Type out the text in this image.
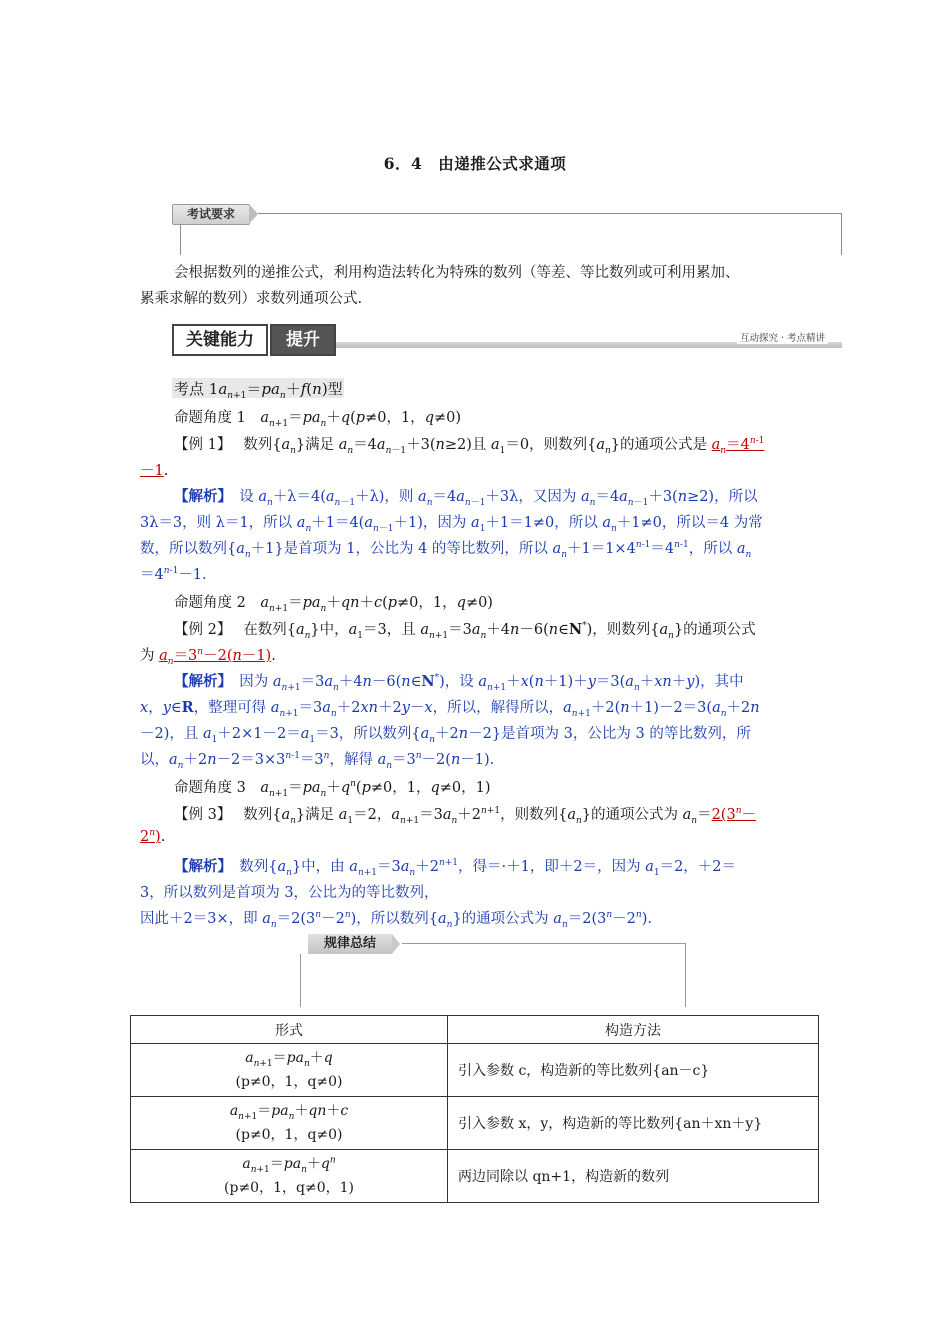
6．4　由递推公式求通项
考试要求
会根据数列的递推公式，利用构造法转化为特殊的数列（等差、等比数列或可利用累加、
累乘求解的数列）求数列通项公式.
关键能力	提升	互动探究 · 考点精讲
考点 $1a_{n+1}=pa_n+f(n)$型
命题角度 1　 $a_{n+1}=pa_n+q(p\ne 0$，1，q≠0)
【例 1】　 数列$\{a_n\}$满足 $a_n=4a_{n-1}+3(n\ge 2)$且 $a_1=0$，则数列$\{a_n\}$的通项公式是 $a_n=4^{n-1}$
－1.
【解析】　设 $a_n+\lambda=4(a_{n-1}+\lambda)$，则 $a_n=4a_{n-1}+3\lambda$，又因为 $a_n=4a_{n-1}+3(n\ge 2)$，所以
3λ＝3，则 λ＝1，所以 $a_n+1=4(a_{n-1}+1)$，因为 $a_1+1=1\ne 0$，所以 $a_n+1\ne 0$，所以＝4 为常
数，所以数列$\{a_n+1\}$是首项为 1，公比为 4 的等比数列，所以 $a_n+1=1\times 4^{n-1}=4^{n-1}$，所以 $a_n$
$=4^{n-1}-1$.
命题角度 2　 $a_{n+1}=pa_n+qn+c(p\ne 0$，1，q≠0)
【例 2】　 在数列$\{a_n\}$中，$a_1=3$，且 $a_{n+1}=3a_n+4n-6(n\in N^*)$，则数列$\{a_n\}$的通项公式
为 $a_n=3^n-2(n-1)$.
【解析】　因为 $a_{n+1}=3a_n+4n-6(n\in N^*)$，设 $a_{n+1}+x(n+1)+y=3(a_n+xn+y)$，其中
x，y∈R，整理可得 $a_{n+1}=3a_n+2xn+2y-x$，所以，解得所以，$a_{n+1}+2(n+1)-2=3(a_n+2n$
－2)，且 $a_1+2\times 1-2=a_1=3$，所以数列$\{a_n+2n-2\}$是首项为 3，公比为 3 的等比数列，所
以，$a_n+2n-2=3\times 3^{n-1}=3^n$，解得 $a_n=3^n-2(n-1)$.
命题角度 3　 $a_{n+1}=pa_n+q^n(p\ne 0$，1，q≠0，1)
【例 3】　 数列$\{a_n\}$满足 $a_1=2$，$a_{n+1}=3a_n+2^{n+1}$，则数列$\{a_n\}$的通项公式为 $a_n=2(3^n-$
$2^n$).
【解析】　数列$\{a_n\}$中，由 $a_{n+1}=3a_n+2^{n+1}$，得＝·＋1，即＋2＝，因为 $a_1=2$，＋2＝
3，所以数列是首项为 3，公比为的等比数列，
因此＋2＝3×，即 $a_n=2(3^n-2^n)$，所以数列$\{a_n\}$的通项公式为 $a_n=2(3^n-2^n)$.
规律总结
形式	构造方法
$a_{n+1}=pa_n+q$
(p≠0，1，q≠0)	引入参数 c，构造新的等比数列{an－c}
$a_{n+1}=pa_n+qn+c$
(p≠0，1，q≠0)	引入参数 x，y，构造新的等比数列{an＋xn＋y}
$a_{n+1}=pa_n+q^n$
(p≠0，1，q≠0，1)	两边同除以 qn+1，构造新的数列
